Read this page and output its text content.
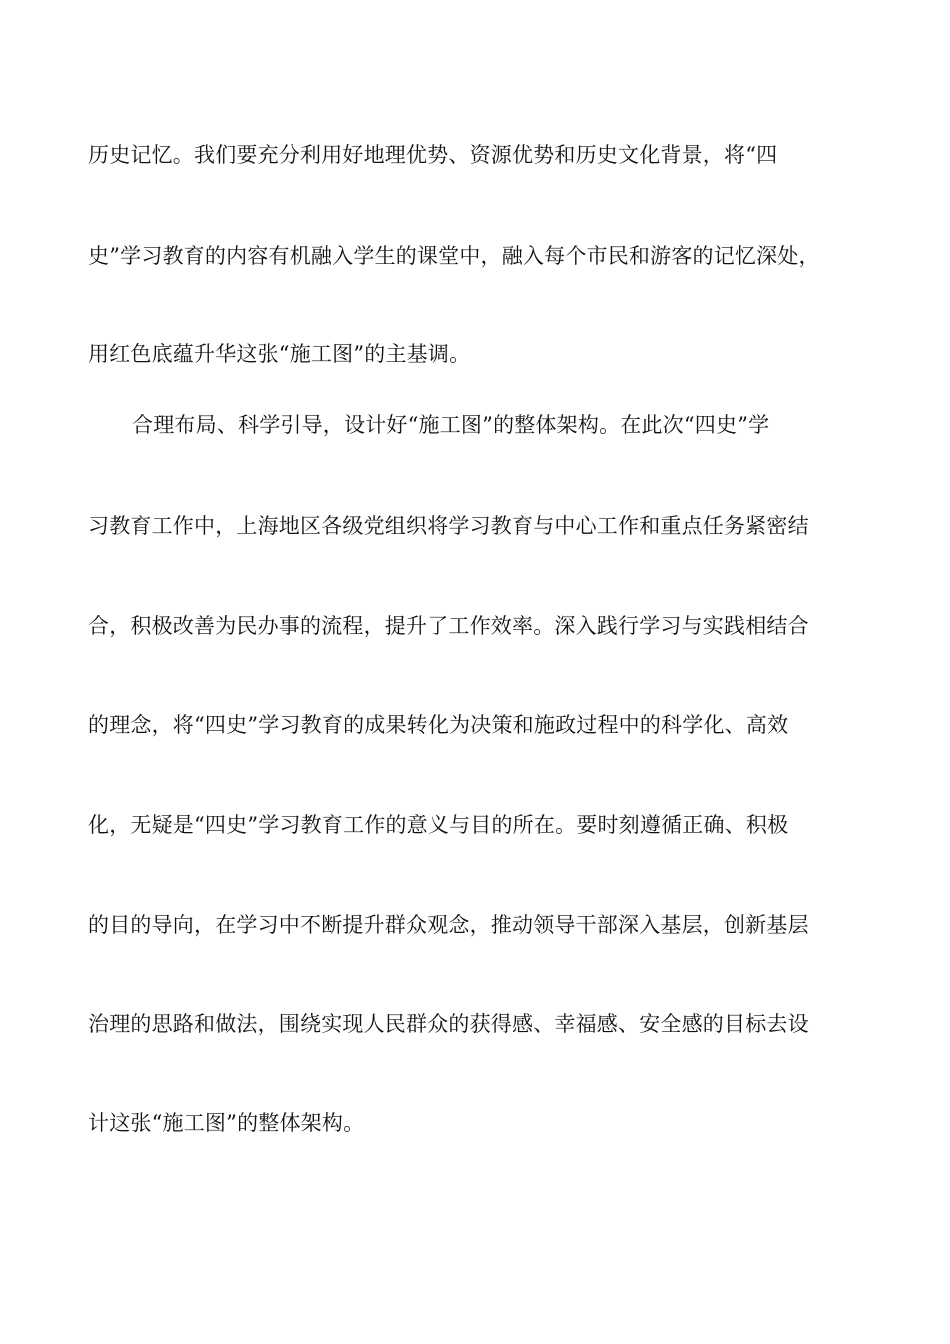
历史记忆。我们要充分利用好地理优势、资源优势和历史文化背景，将“四
史”学习教育的内容有机融入学生的课堂中，融入每个市民和游客的记忆深处，
用红色底蕴升华这张“施工图”的主基调。
合理布局、科学引导，设计好“施工图”的整体架构。在此次“四史”学
习教育工作中，上海地区各级党组织将学习教育与中心工作和重点任务紧密结
合，积极改善为民办事的流程，提升了工作效率。深入践行学习与实践相结合
的理念，将“四史”学习教育的成果转化为决策和施政过程中的科学化、高效
化，无疑是“四史”学习教育工作的意义与目的所在。要时刻遵循正确、积极
的目的导向，在学习中不断提升群众观念，推动领导干部深入基层，创新基层
治理的思路和做法，围绕实现人民群众的获得感、幸福感、安全感的目标去设
计这张“施工图”的整体架构。
